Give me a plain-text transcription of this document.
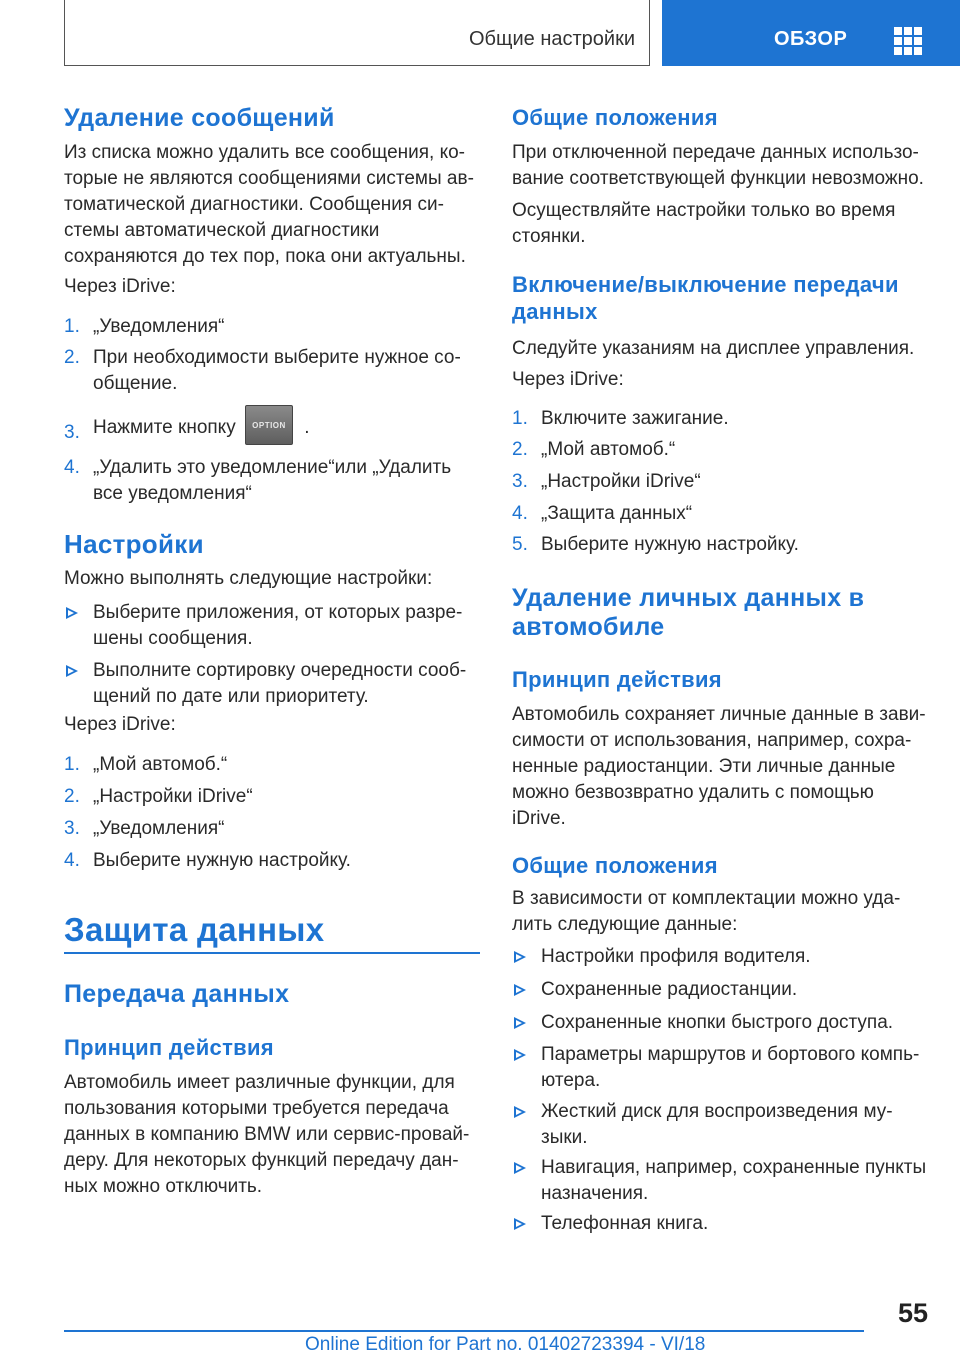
Общие настройки	ОБЗОР
Удаление сообщений
Из списка можно удалить все сообщения, ко-
торые не являются сообщениями системы ав-
томатической диагностики. Сообщения си-
стемы автоматической диагностики
сохраняются до тех пор, пока они актуальны.
Через iDrive:
1. „Уведомления“
2. При необходимости выберите нужное со-
общение.
3. Нажмите кнопку OPTION .
4. „Удалить это уведомление“или „Удалить
все уведомления“
Настройки
Можно выполнять следующие настройки:
Выберите приложения, от которых разре-
шены сообщения.
Выполните сортировку очередности сооб-
щений по дате или приоритету.
Через iDrive:
1. „Мой автомоб.“
2. „Настройки iDrive“
3. „Уведомления“
4. Выберите нужную настройку.
Защита данных
Передача данных
Принцип действия
Автомобиль имеет различные функции, для
пользования которыми требуется передача
данных в компанию BMW или сервис-провай-
деру. Для некоторых функций передачу дан-
ных можно отключить.
Общие положения
При отключенной передаче данных использо-
вание соответствующей функции невозможно.
Осуществляйте настройки только во время
стоянки.
Включение/выключение передачи
данных
Следуйте указаниям на дисплее управления.
Через iDrive:
1. Включите зажигание.
2. „Мой автомоб.“
3. „Настройки iDrive“
4. „Защита данных“
5. Выберите нужную настройку.
Удаление личных данных в
автомобиле
Принцип действия
Автомобиль сохраняет личные данные в зави-
симости от использования, например, сохра-
ненные радиостанции. Эти личные данные
можно безвозвратно удалить с помощью
iDrive.
Общие положения
В зависимости от комплектации можно уда-
лить следующие данные:
Настройки профиля водителя.
Сохраненные радиостанции.
Сохраненные кнопки быстрого доступа.
Параметры маршрутов и бортового компь-
ютера.
Жесткий диск для воспроизведения му-
зыки.
Навигация, например, сохраненные пункты
назначения.
Телефонная книга.
55
Online Edition for Part no. 01402723394 - VI/18
